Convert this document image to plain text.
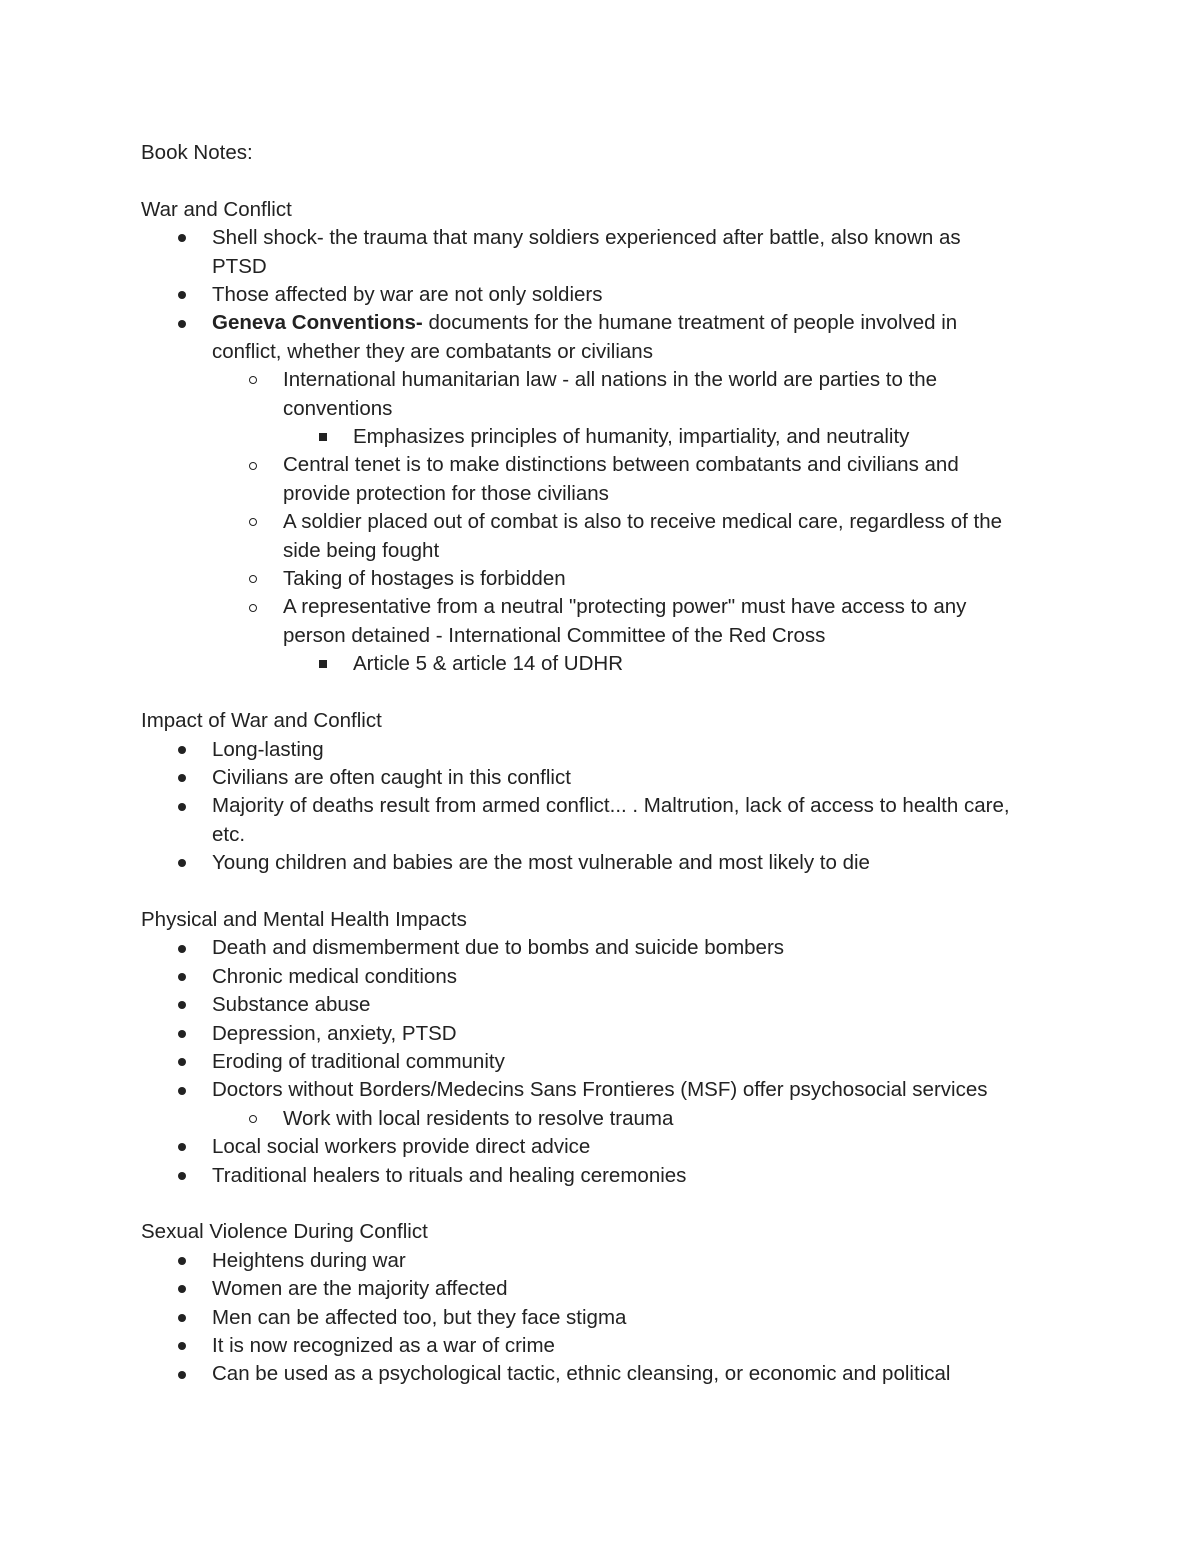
Book Notes:

War and Conflict

Shell shock- the trauma that many soldiers experienced after battle, also known as
PTSD
Those affected by war are not only soldiers
Geneva Conventions- documents for the humane treatment of people involved in
conflict, whether they are combatants or civilians
International humanitarian law - all nations in the world are parties to the
conventions
Emphasizes principles of humanity, impartiality, and neutrality
Central tenet is to make distinctions between combatants and civilians and
provide protection for those civilians
A soldier placed out of combat is also to receive medical care, regardless of the
side being fought
Taking of hostages is forbidden
A representative from a neutral "protecting power" must have access to any
person detained - International Committee of the Red Cross
Article 5 & article 14 of UDHR

Impact of War and Conflict

Long-lasting
Civilians are often caught in this conflict
Majority of deaths result from armed conflict... . Maltrution, lack of access to health care,
etc.
Young children and babies are the most vulnerable and most likely to die

Physical and Mental Health Impacts

Death and dismemberment due to bombs and suicide bombers
Chronic medical conditions
Substance abuse
Depression, anxiety, PTSD
Eroding of traditional community
Doctors without Borders/Medecins Sans Frontieres (MSF) offer psychosocial services
Work with local residents to resolve trauma
Local social workers provide direct advice
Traditional healers to rituals and healing ceremonies

Sexual Violence During Conflict

Heightens during war
Women are the majority affected
Men can be affected too, but they face stigma
It is now recognized as a war of crime
Can be used as a psychological tactic, ethnic cleansing, or economic and political
